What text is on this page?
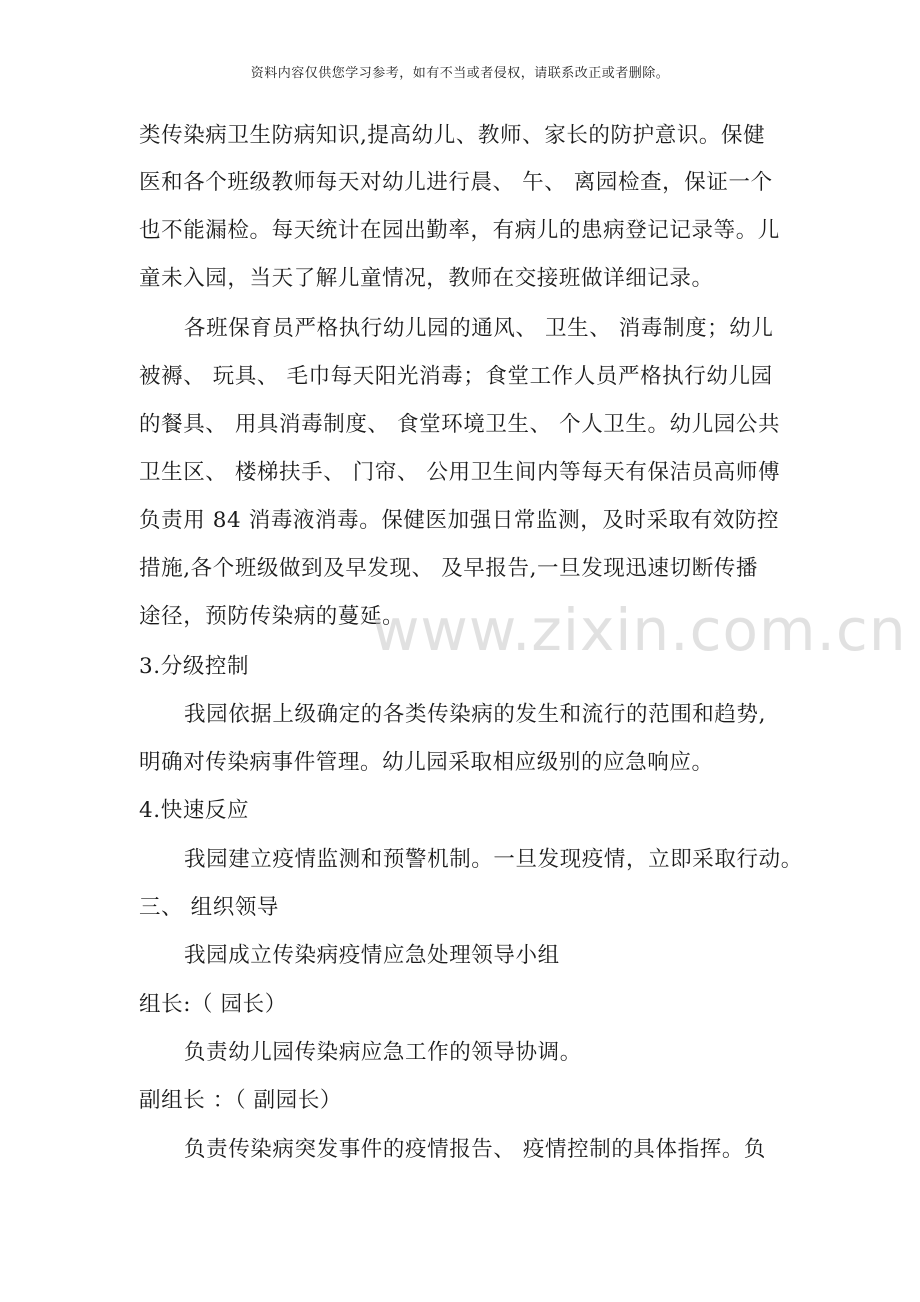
资料内容仅供您学习参考，如有不当或者侵权，请联系改正或者删除。
类传染病卫生防病知识,提高幼儿、教师、家长的防护意识。保健
医和各个班级教师每天对幼儿进行晨、 午、 离园检查，保证一个
也不能漏检。每天统计在园出勤率，有病儿的患病登记记录等。儿
童未入园，当天了解儿童情况，教师在交接班做详细记录。
各班保育员严格执行幼儿园的通风、 卫生、 消毒制度；幼儿
被褥、 玩具、 毛巾每天阳光消毒；食堂工作人员严格执行幼儿园
的餐具、 用具消毒制度、 食堂环境卫生、 个人卫生。幼儿园公共
卫生区、 楼梯扶手、 门帘、 公用卫生间内等每天有保洁员高师傅
负责用 84 消毒液消毒。保健医加强日常监测，及时采取有效防控
措施,各个班级做到及早发现、 及早报告,一旦发现迅速切断传播
途径，预防传染病的蔓延。
3.分级控制
我园依据上级确定的各类传染病的发生和流行的范围和趋势,
明确对传染病事件管理。幼儿园采取相应级别的应急响应。
4.快速反应
我园建立疫情监测和预警机制。一旦发现疫情，立即采取行动。
三、 组织领导
我园成立传染病疫情应急处理领导小组
组长:（ 园长）
负责幼儿园传染病应急工作的领导协调。
副组长 ：（ 副园长）
负责传染病突发事件的疫情报告、 疫情控制的具体指挥。负
www.zixin.com.cn
